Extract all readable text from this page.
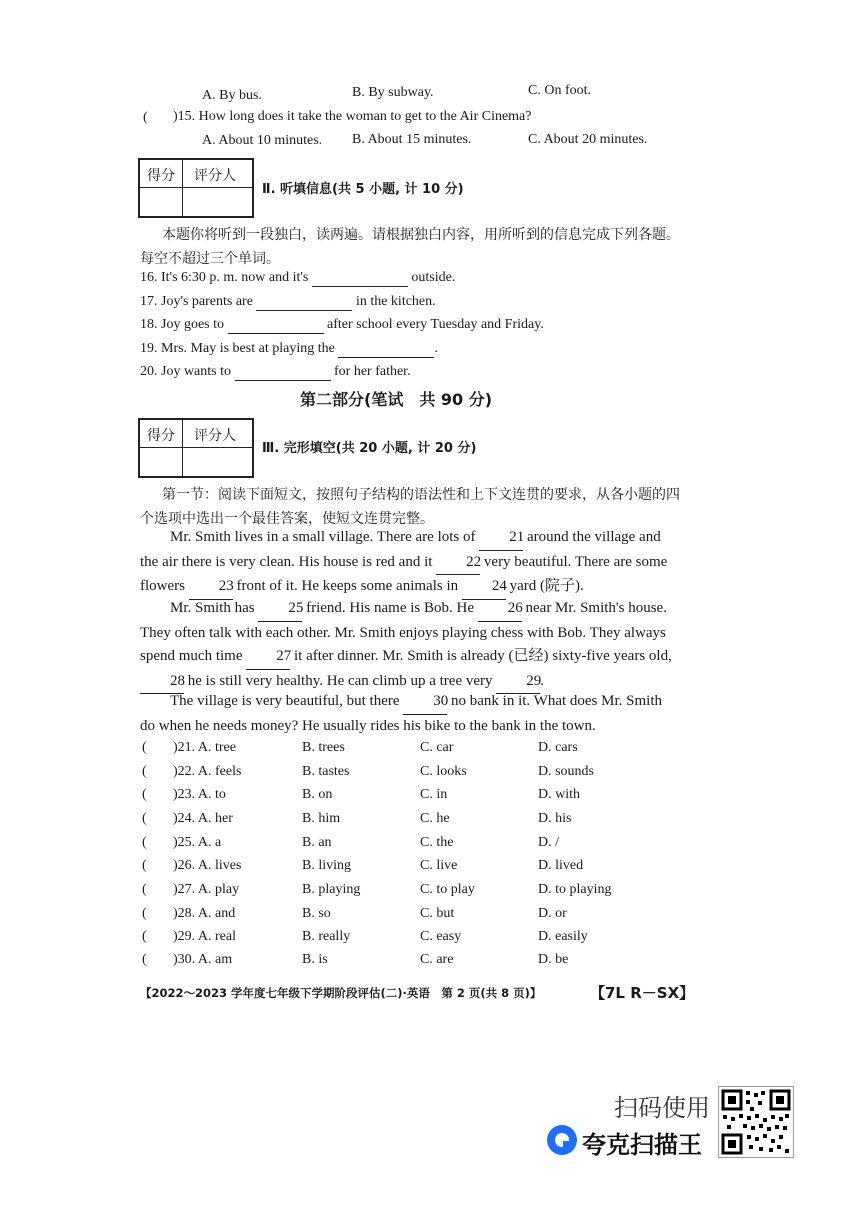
A. By bus.	B. By subway.	C. On foot.
( )15. How long does it take the woman to get to the Air Cinema?
A. About 10 minutes. B. About 15 minutes.	C. About 20 minutes.
得分 评分人
Ⅱ. 听填信息(共 5 小题, 计 10 分)
本题你将听到一段独白，读两遍。请根据独白内容，用所听到的信息完成下列各题。
每空不超过三个单词。
16. It's 6:30 p. m. now and it's	outside.
17. Joy's parents are	in the kitchen.
18. Joy goes to	after school every Tuesday and Friday.
19. Mrs. May is best at playing the	.
20. Joy wants to	for her father.
第二部分(笔试　共 90 分)
得分 评分人
Ⅲ. 完形填空(共 20 小题, 计 20 分)
第一节：阅读下面短文，按照句子结构的语法性和上下文连贯的要求，从各小题的四
个选项中选出一个最佳答案，使短文连贯完整。
Mr. Smith lives in a small village. There are lots of 21 around the village and the air there is very clean. His house is red and it 22 very beautiful. There are some flowers 23 front of it. He keeps some animals in 24 yard (院子).
Mr. Smith has 25 friend. His name is Bob. He 26 near Mr. Smith's house. They often talk with each other. Mr. Smith enjoys playing chess with Bob. They always spend much time 27 it after dinner. Mr. Smith is already (已经) sixty-five years old, 28 he is still very healthy. He can climb up a tree very 29.
The village is very beautiful, but there 30 no bank in it. What does Mr. Smith do when he needs money? He usually rides his bike to the bank in the town.
( )21. A. tree	B. trees	C. car	D. cars
( )22. A. feels	B. tastes	C. looks	D. sounds
( )23. A. to	B. on	C. in	D. with
( )24. A. her	B. him	C. he	D. his
( )25. A. a	B. an	C. the	D. /
( )26. A. lives	B. living	C. live	D. lived
( )27. A. play	B. playing	C. to play	D. to playing
( )28. A. and	B. so	C. but	D. or
( )29. A. real	B. really	C. easy	D. easily
( )30. A. am	B. is	C. are	D. be
【2022～2023 学年度七年级下学期阶段评估(二)·英语　第 2 页(共 8 页)】	【7L R－SX】
扫码使用
夸克扫描王
